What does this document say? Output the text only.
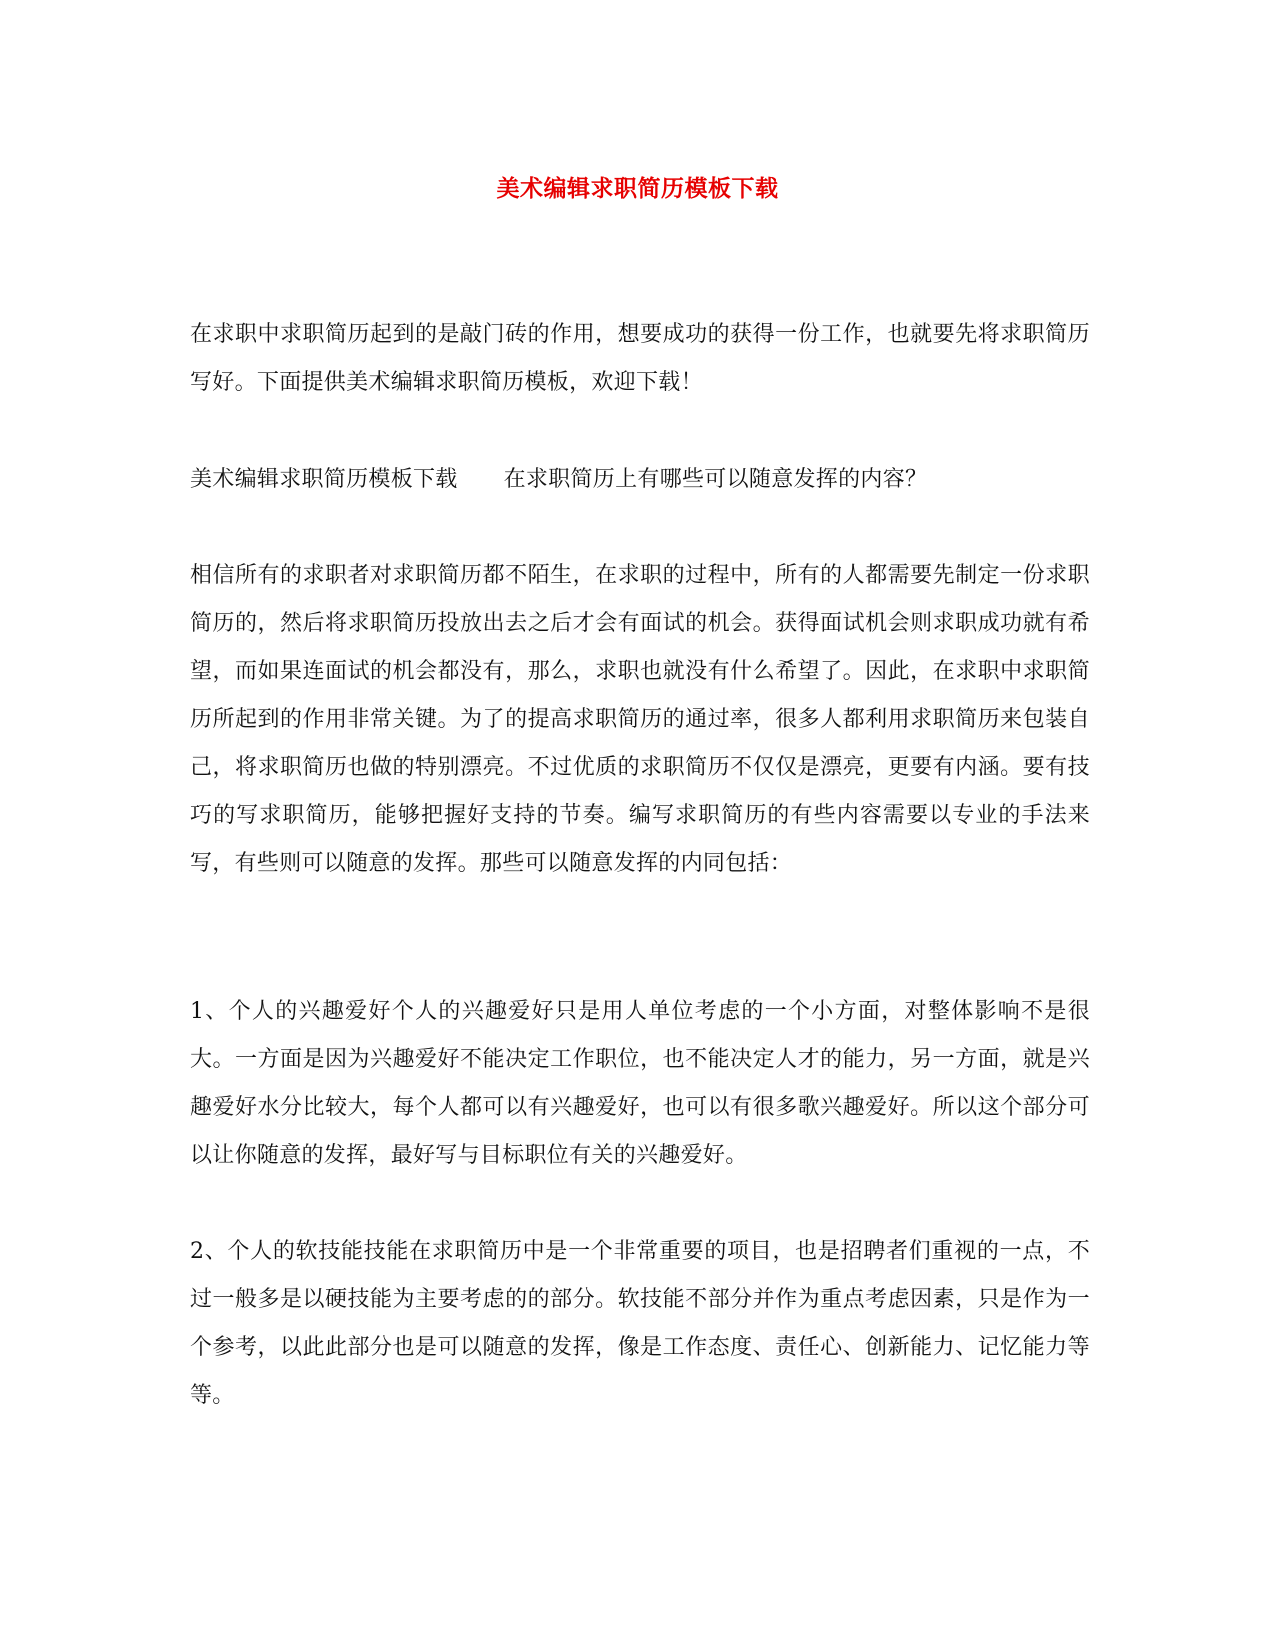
美术编辑求职简历模板下载

在求职中求职简历起到的是敲门砖的作用，想要成功的获得一份工作，也就要先将求职简历写好。下面提供美术编辑求职简历模板，欢迎下载！

美术编辑求职简历模板下载 在求职简历上有哪些可以随意发挥的内容？

相信所有的求职者对求职简历都不陌生，在求职的过程中，所有的人都需要先制定一份求职简历的，然后将求职简历投放出去之后才会有面试的机会。获得面试机会则求职成功就有希望，而如果连面试的机会都没有，那么，求职也就没有什么希望了。因此，在求职中求职简历所起到的作用非常关键。为了的提高求职简历的通过率，很多人都利用求职简历来包装自己，将求职简历也做的特别漂亮。不过优质的求职简历不仅仅是漂亮，更要有内涵。要有技巧的写求职简历，能够把握好支持的节奏。编写求职简历的有些内容需要以专业的手法来写，有些则可以随意的发挥。那些可以随意发挥的内同包括：

1、个人的兴趣爱好个人的兴趣爱好只是用人单位考虑的一个小方面，对整体影响不是很大。一方面是因为兴趣爱好不能决定工作职位，也不能决定人才的能力，另一方面，就是兴趣爱好水分比较大，每个人都可以有兴趣爱好，也可以有很多歌兴趣爱好。所以这个部分可以让你随意的发挥，最好写与目标职位有关的兴趣爱好。

2、个人的软技能技能在求职简历中是一个非常重要的项目，也是招聘者们重视的一点，不过一般多是以硬技能为主要考虑的的部分。软技能不部分并作为重点考虑因素，只是作为一个参考，以此此部分也是可以随意的发挥，像是工作态度、责任心、创新能力、记忆能力等等。
